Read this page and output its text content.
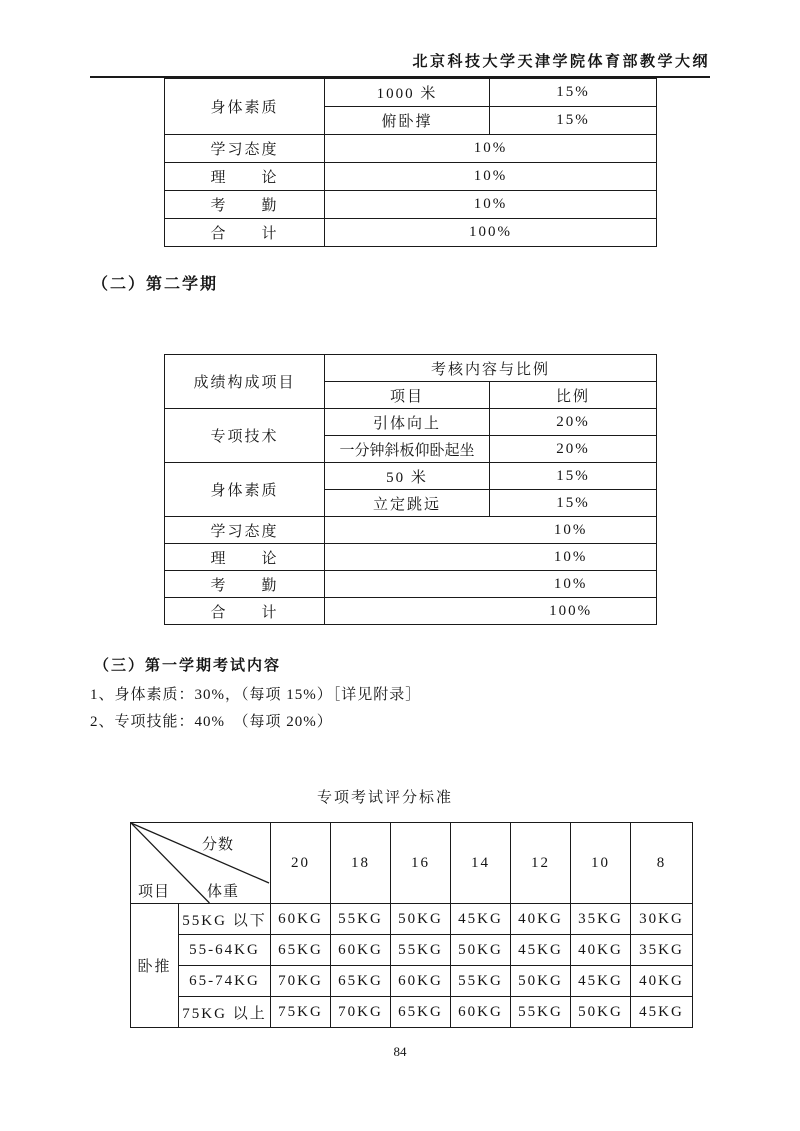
北京科技大学天津学院体育部教学大纲
身体素质	1000 米	15%
	俯卧撑	15%
学习态度	10%	
理　　论	10%	
考　　勤	10%	
合　　计	100%	
（二）第二学期
成绩构成项目	考核内容与比例	
	项目	比例
专项技术	引体向上	20%
	一分钟斜板仰卧起坐	20%
身体素质	50 米	15%
	立定跳远	15%
学习态度	10%	
理　　论	10%	
考　　勤	10%	
合　　计	100%	
（三）第一学期考试内容
1、身体素质：30%，（每项 15%）［详见附录］
2、专项技能：40%　（每项 20%）
专项考试评分标准
分数
项目 体重		20	18	16	14	12	10	8
卧推	55KG 以下	60KG	55KG	50KG	45KG	40KG	35KG	30KG
	55-64KG	65KG	60KG	55KG	50KG	45KG	40KG	35KG
	65-74KG	70KG	65KG	60KG	55KG	50KG	45KG	40KG
	75KG 以上	75KG	70KG	65KG	60KG	55KG	50KG	45KG
84
